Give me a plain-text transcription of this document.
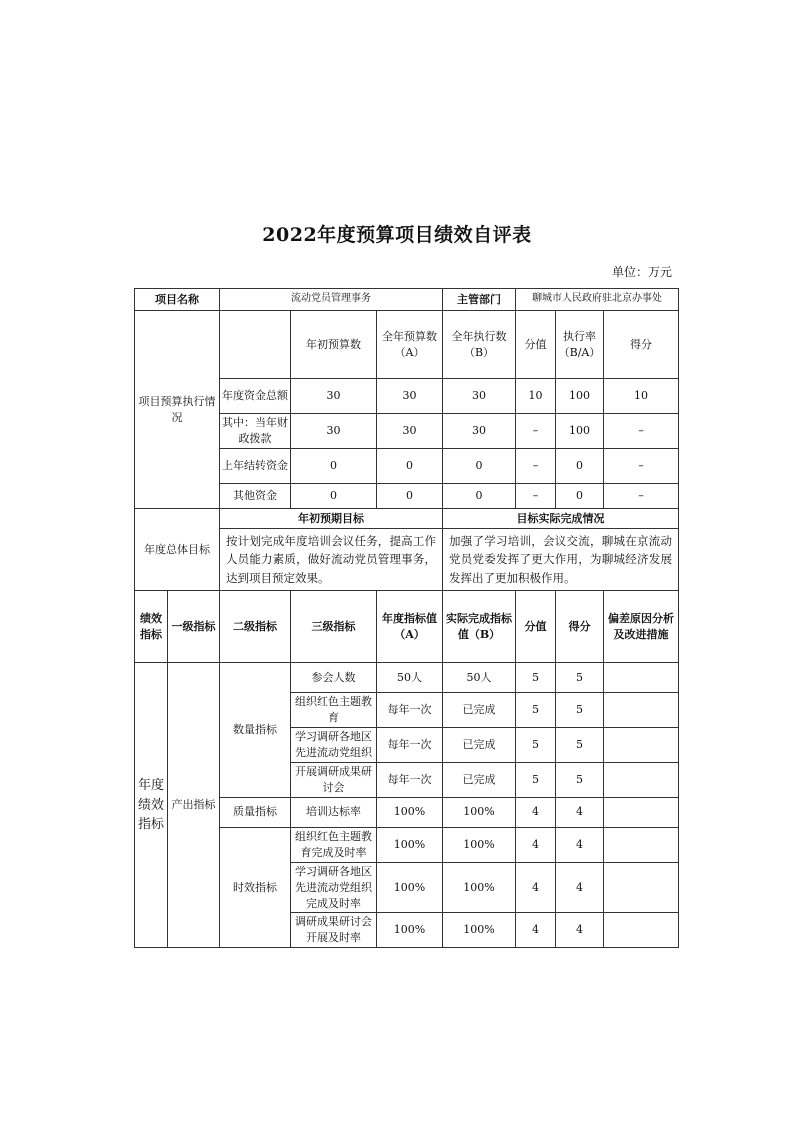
2022年度预算项目绩效自评表
单位：万元
项目名称		流动党员管理事务			主管部门	聊城市人民政府驻北京办事处		
项目预算执行情况			年初预算数	全年预算数（A）	全年执行数（B）	分值	执行率（B/A）	得分
		年度资金总额	30	30	30	10	100	10
		其中：当年财政拨款	30	30	30	–	100	–
		上年结转资金	0	0	0	–	0	–
		其他资金	0	0	0	–	0	–
年度总体目标		年初预期目标			目标实际完成情况			
		按计划完成年度培训会议任务，提高工作人员能力素质，做好流动党员管理事务，达到项目预定效果。			加强了学习培训，会议交流，聊城在京流动党员党委发挥了更大作用，为聊城经济发展发挥出了更加积极作用。			
绩效指标	一级指标	二级指标	三级指标	年度指标值（A）	实际完成指标值（B）	分值	得分	偏差原因分析及改进措施
年度绩效指标	产出指标	数量指标	参会人数	50人	50人	5	5	
			组织红色主题教育	每年一次	已完成	5	5	
			学习调研各地区先进流动党组织	每年一次	已完成	5	5	
			开展调研成果研讨会	每年一次	已完成	5	5	
		质量指标	培训达标率	100%	100%	4	4	
		时效指标	组织红色主题教育完成及时率	100%	100%	4	4	
			学习调研各地区先进流动党组织完成及时率	100%	100%	4	4	
			调研成果研讨会开展及时率	100%	100%	4	4	
